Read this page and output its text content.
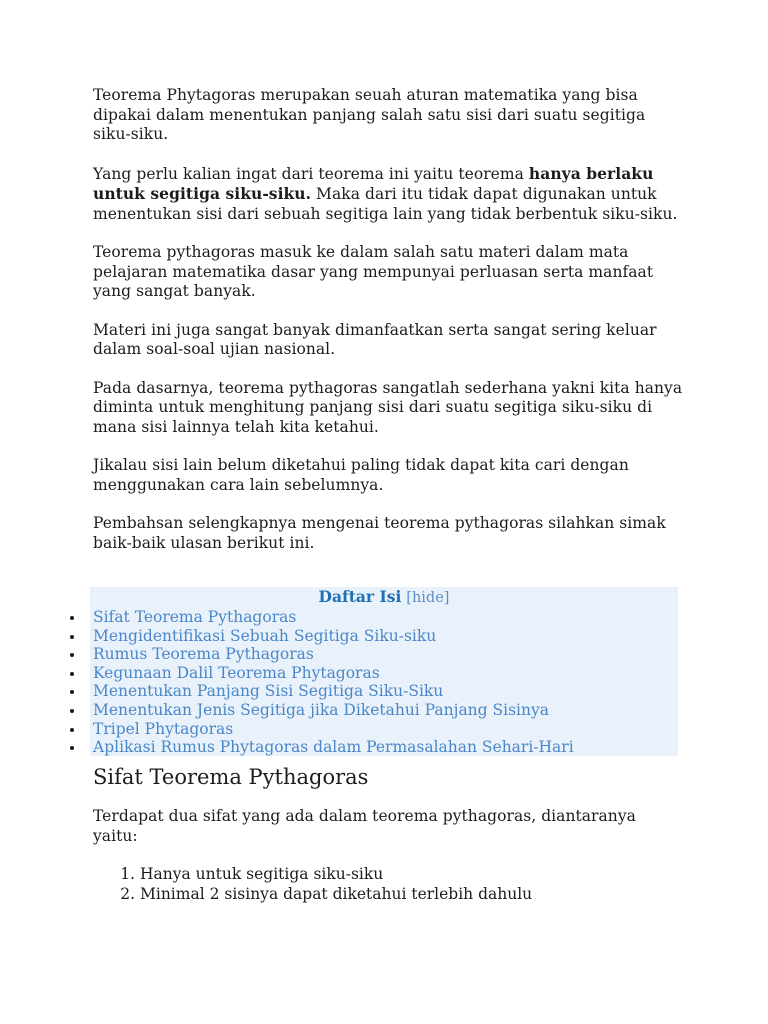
Teorema Phytagoras merupakan seuah aturan matematika yang bisa dipakai dalam menentukan panjang salah satu sisi dari suatu segitiga siku-siku.

Yang perlu kalian ingat dari teorema ini yaitu teorema hanya berlaku untuk segitiga siku-siku. Maka dari itu tidak dapat digunakan untuk menentukan sisi dari sebuah segitiga lain yang tidak berbentuk siku-siku.

Teorema pythagoras masuk ke dalam salah satu materi dalam mata pelajaran matematika dasar yang mempunyai perluasan serta manfaat yang sangat banyak.

Materi ini juga sangat banyak dimanfaatkan serta sangat sering keluar dalam soal-soal ujian nasional.

Pada dasarnya, teorema pythagoras sangatlah sederhana yakni kita hanya diminta untuk menghitung panjang sisi dari suatu segitiga siku-siku di mana sisi lainnya telah kita ketahui.

Jikalau sisi lain belum diketahui paling tidak dapat kita cari dengan menggunakan cara lain sebelumnya.

Pembahsan selengkapnya mengenai teorema pythagoras silahkan simak baik-baik ulasan berikut ini.

Daftar Isi [hide]
Sifat Teorema Pythagoras
Mengidentifikasi Sebuah Segitiga Siku-siku
Rumus Teorema Pythagoras
Kegunaan Dalil Teorema Phytagoras
Menentukan Panjang Sisi Segitiga Siku-Siku
Menentukan Jenis Segitiga jika Diketahui Panjang Sisinya
Tripel Phytagoras
Aplikasi Rumus Phytagoras dalam Permasalahan Sehari-Hari
Sifat Teorema Pythagoras

Terdapat dua sifat yang ada dalam teorema pythagoras, diantaranya yaitu:

1. Hanya untuk segitiga siku-siku
2. Minimal 2 sisinya dapat diketahui terlebih dahulu
